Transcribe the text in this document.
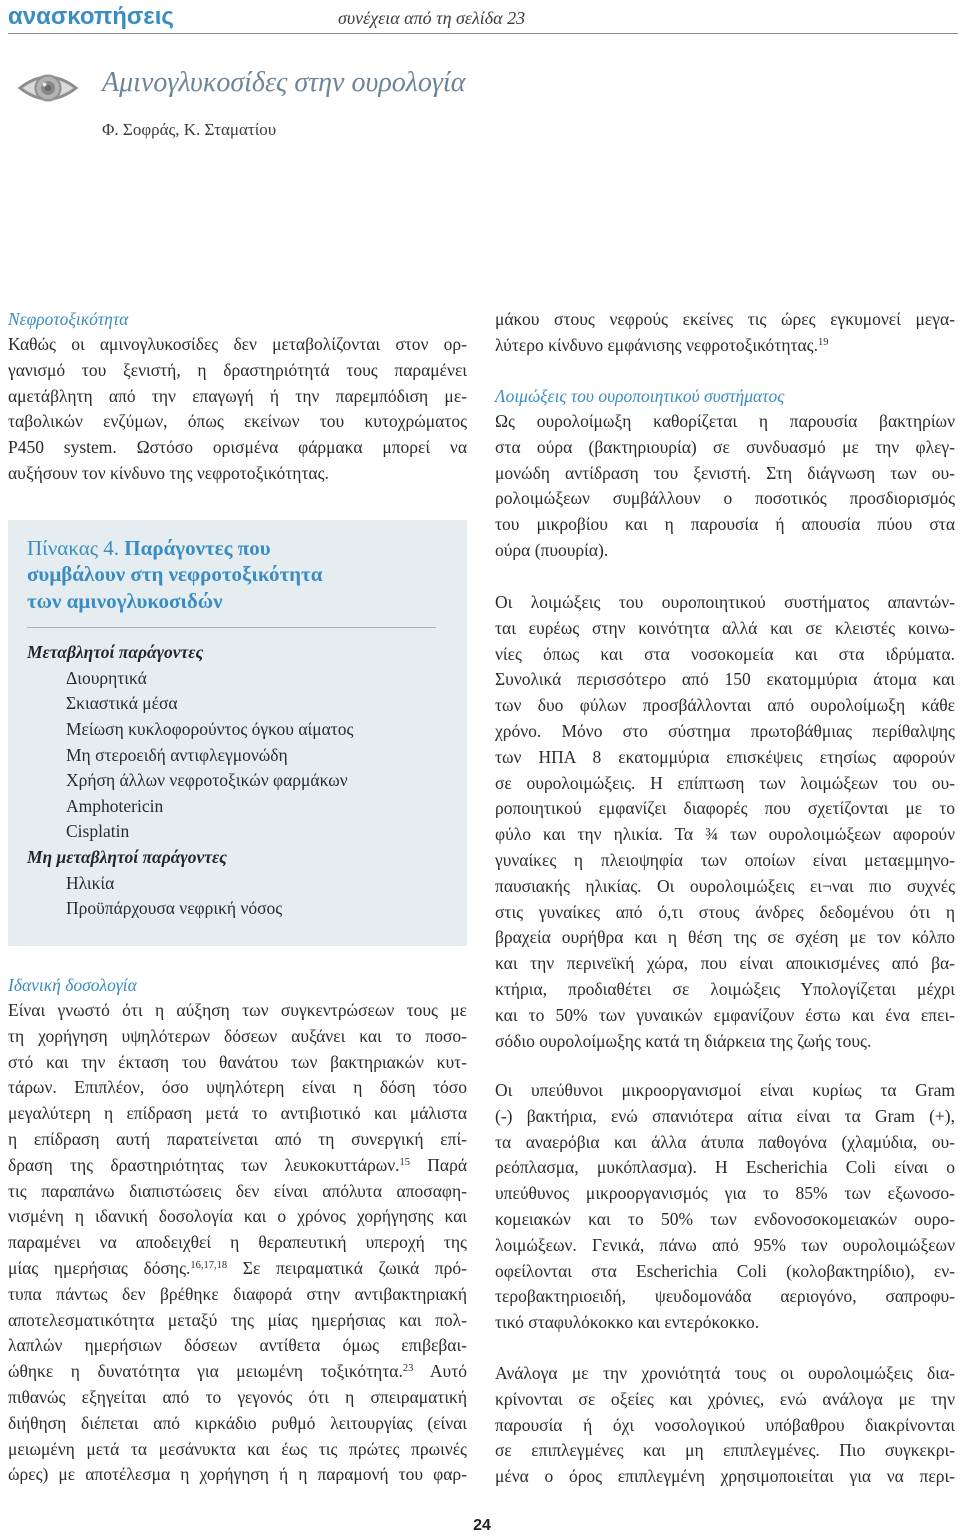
ανασκοπήσεις	συνέχεια από τη σελίδα 23
Αμινογλυκοσίδες στην ουρολογία
Φ. Σοφράς, Κ. Σταματίου
Νεφροτοξικότητα
Καθώς οι αμινογλυκοσίδες δεν μεταβολίζονται στον ορ-
γανισμό του ξενιστή, η δραστηριότητά τους παραμένει
αμετάβλητη από την επαγωγή ή την παρεμπόδιση με-
ταβολικών ενζύμων, όπως εκείνων του κυτοχρώματος
P450 system. Ωστόσο ορισμένα φάρμακα μπορεί να
αυξήσουν τον κίνδυνο της νεφροτοξικότητας.
Πίνακας 4. Παράγοντες που
συμβάλουν στη νεφροτοξικότητα
των αμινογλυκοσιδών
Μεταβλητοί παράγοντες
Διουρητικά
Σκιαστικά μέσα
Μείωση κυκλοφορούντος όγκου αίματος
Μη στεροειδή αντιφλεγμονώδη
Χρήση άλλων νεφροτοξικών φαρμάκων
Amphotericin
Cisplatin
Μη μεταβλητοί παράγοντες
Ηλικία
Προϋπάρχουσα νεφρική νόσος
Ιδανική δοσολογία
Είναι γνωστό ότι η αύξηση των συγκεντρώσεων τους με
τη χορήγηση υψηλότερων δόσεων αυξάνει και το ποσο-
στό και την έκταση του θανάτου των βακτηριακών κυτ-
τάρων. Επιπλέον, όσο υψηλότερη είναι η δόση τόσο
μεγαλύτερη η επίδραση μετά το αντιβιοτικό και μάλιστα
η επίδραση αυτή παρατείνεται από τη συνεργική επί-
δραση της δραστηριότητας των λευκοκυττάρων.$^{15}$ Παρά
τις παραπάνω διαπιστώσεις δεν είναι απόλυτα αποσαφη-
νισμένη η ιδανική δοσολογία και ο χρόνος χορήγησης και
παραμένει να αποδειχθεί η θεραπευτική υπεροχή της
μίας ημερήσιας δόσης.$^{16,17,18}$ Σε πειραματικά ζωικά πρό-
τυπα πάντως δεν βρέθηκε διαφορά στην αντιβακτηριακή
αποτελεσματικότητα μεταξύ της μίας ημερήσιας και πολ-
λαπλών ημερήσιων δόσεων αντίθετα όμως επιβεβαι-
ώθηκε η δυνατότητα για μειωμένη τοξικότητα.$^{23}$ Αυτό
πιθανώς εξηγείται από το γεγονός ότι η σπειραματική
διήθηση διέπεται από κιρκάδιο ρυθμό λειτουργίας (είναι
μειωμένη μετά τα μεσάνυκτα και έως τις πρώτες πρωινές
ώρες) με αποτέλεσμα η χορήγηση ή η παραμονή του φαρ-
μάκου στους νεφρούς εκείνες τις ώρες εγκυμονεί μεγα-
λύτερο κίνδυνο εμφάνισης νεφροτοξικότητας.$^{19}$
Λοιμώξεις του ουροποιητικού συστήματος
Ως ουρολοίμωξη καθορίζεται η παρουσία βακτηρίων
στα ούρα (βακτηριουρία) σε συνδυασμό με την φλεγ-
μονώδη αντίδραση του ξενιστή. Στη διάγνωση των ου-
ρολοιμώξεων συμβάλλουν ο ποσοτικός προσδιορισμός
του μικροβίου και η παρουσία ή απουσία πύου στα
ούρα (πυουρία).
Οι λοιμώξεις του ουροποιητικού συστήματος απαντών-
ται ευρέως στην κοινότητα αλλά και σε κλειστές κοινω-
νίες όπως και στα νοσοκομεία και στα ιδρύματα.
Συνολικά περισσότερο από 150 εκατομμύρια άτομα και
των δυο φύλων προσβάλλονται από ουρολοίμωξη κάθε
χρόνο. Μόνο στο σύστημα πρωτοβάθμιας περίθαλψης
των ΗΠΑ 8 εκατομμύρια επισκέψεις ετησίως αφορούν
σε ουρολοιμώξεις. Η επίπτωση των λοιμώξεων του ου-
ροποιητικού εμφανίζει διαφορές που σχετίζονται με το
φύλο και την ηλικία. Τα ¾ των ουρολοιμώξεων αφορούν
γυναίκες η πλειοψηφία των οποίων είναι μεταεμμηνο-
παυσιακής ηλικίας. Οι ουρολοιμώξεις ει¬ναι πιο συχνές
στις γυναίκες από ό,τι στους άνδρες δεδομένου ότι η
βραχεία ουρήθρα και η θέση της σε σχέση με τον κόλπο
και την περινεϊκή χώρα, που είναι αποικισμένες από βα-
κτήρια, προδιαθέτει σε λοιμώξεις Υπολογίζεται μέχρι
και το 50% των γυναικών εμφανίζουν έστω και ένα επει-
σόδιο ουρολοίμωξης κατά τη διάρκεια της ζωής τους.
Οι υπεύθυνοι μικροοργανισμοί είναι κυρίως τα Gram
(-) βακτήρια, ενώ σπανιότερα αίτια είναι τα Gram (+),
τα αναερόβια και άλλα άτυπα παθογόνα (χλαμύδια, ου-
ρεόπλασμα, μυκόπλασμα). Η Escherichia Coli είναι ο
υπεύθυνος μικροοργανισμός για το 85% των εξωνοσο-
κομειακών και το 50% των ενδονοσοκομειακών ουρο-
λοιμώξεων. Γενικά, πάνω από 95% των ουρολοιμώξεων
οφείλονται στα Escherichia Coli (κολοβακτηρίδιο), εν-
τεροβακτηριοειδή, ψευδομονάδα αεριογόνο, σαπροφυ-
τικό σταφυλόκοκκο και εντερόκοκκο.
Ανάλογα με την χρονιότητά τους οι ουρολοιμώξεις δια-
κρίνονται σε οξείες και χρόνιες, ενώ ανάλογα με την
παρουσία ή όχι νοσολογικού υπόβαθρου διακρίνονται
σε επιπλεγμένες και μη επιπλεγμένες. Πιο συγκεκρι-
μένα ο όρος επιπλεγμένη χρησιμοποιείται για να περι-
24
